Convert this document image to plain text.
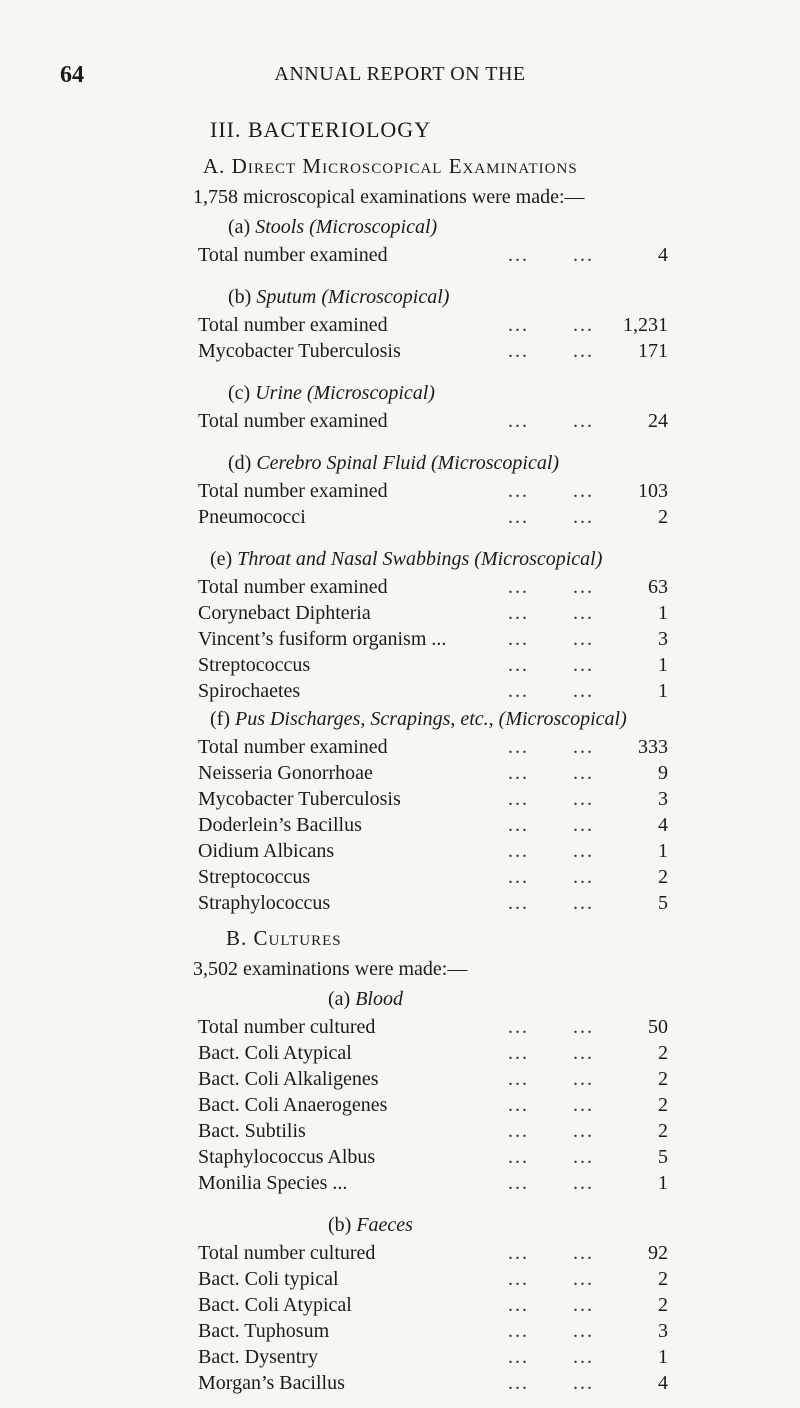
64	ANNUAL REPORT ON THE
III. BACTERIOLOGY
A. Direct Microscopical Examinations
1,758 microscopical examinations were made:—
(a) Stools (Microscopical)
Total number examined	... ...	4
(b) Sputum (Microscopical)
Total number examined	... ...	1,231
Mycobacter Tuberculosis	... ...	171
(c) Urine (Microscopical)
Total number examined	... ...	24
(d) Cerebro Spinal Fluid (Microscopical)
Total number examined	... ...	103
Pneumococci	... ...	2
(e) Throat and Nasal Swabbings (Microscopical)
Total number examined	... ...	63
Corynebact Diphteria	... ...	1
Vincent’s fusiform organism ...	... ...	3
Streptococcus	... ...	1
Spirochaetes	... ...	1
(f) Pus Discharges, Scrapings, etc., (Microscopical)
Total number examined	... ...	333
Neisseria Gonorrhoae	... ...	9
Mycobacter Tuberculosis	... ...	3
Doderlein’s Bacillus	... ...	4
Oidium Albicans	... ...	1
Streptococcus	... ...	2
Straphylococcus	... ...	5
B. Cultures
3,502 examinations were made:—
(a) Blood
Total number cultured	... ...	50
Bact. Coli Atypical	... ...	2
Bact. Coli Alkaligenes	... ...	2
Bact. Coli Anaerogenes	... ...	2
Bact. Subtilis	... ...	2
Staphylococcus Albus	... ...	5
Monilia Species ...	... ...	1
(b) Faeces
Total number cultured	... ...	92
Bact. Coli typical	... ...	2
Bact. Coli Atypical	... ...	2
Bact. Tuphosum	... ...	3
Bact. Dysentry	... ...	1
Morgan’s Bacillus	... ...	4
